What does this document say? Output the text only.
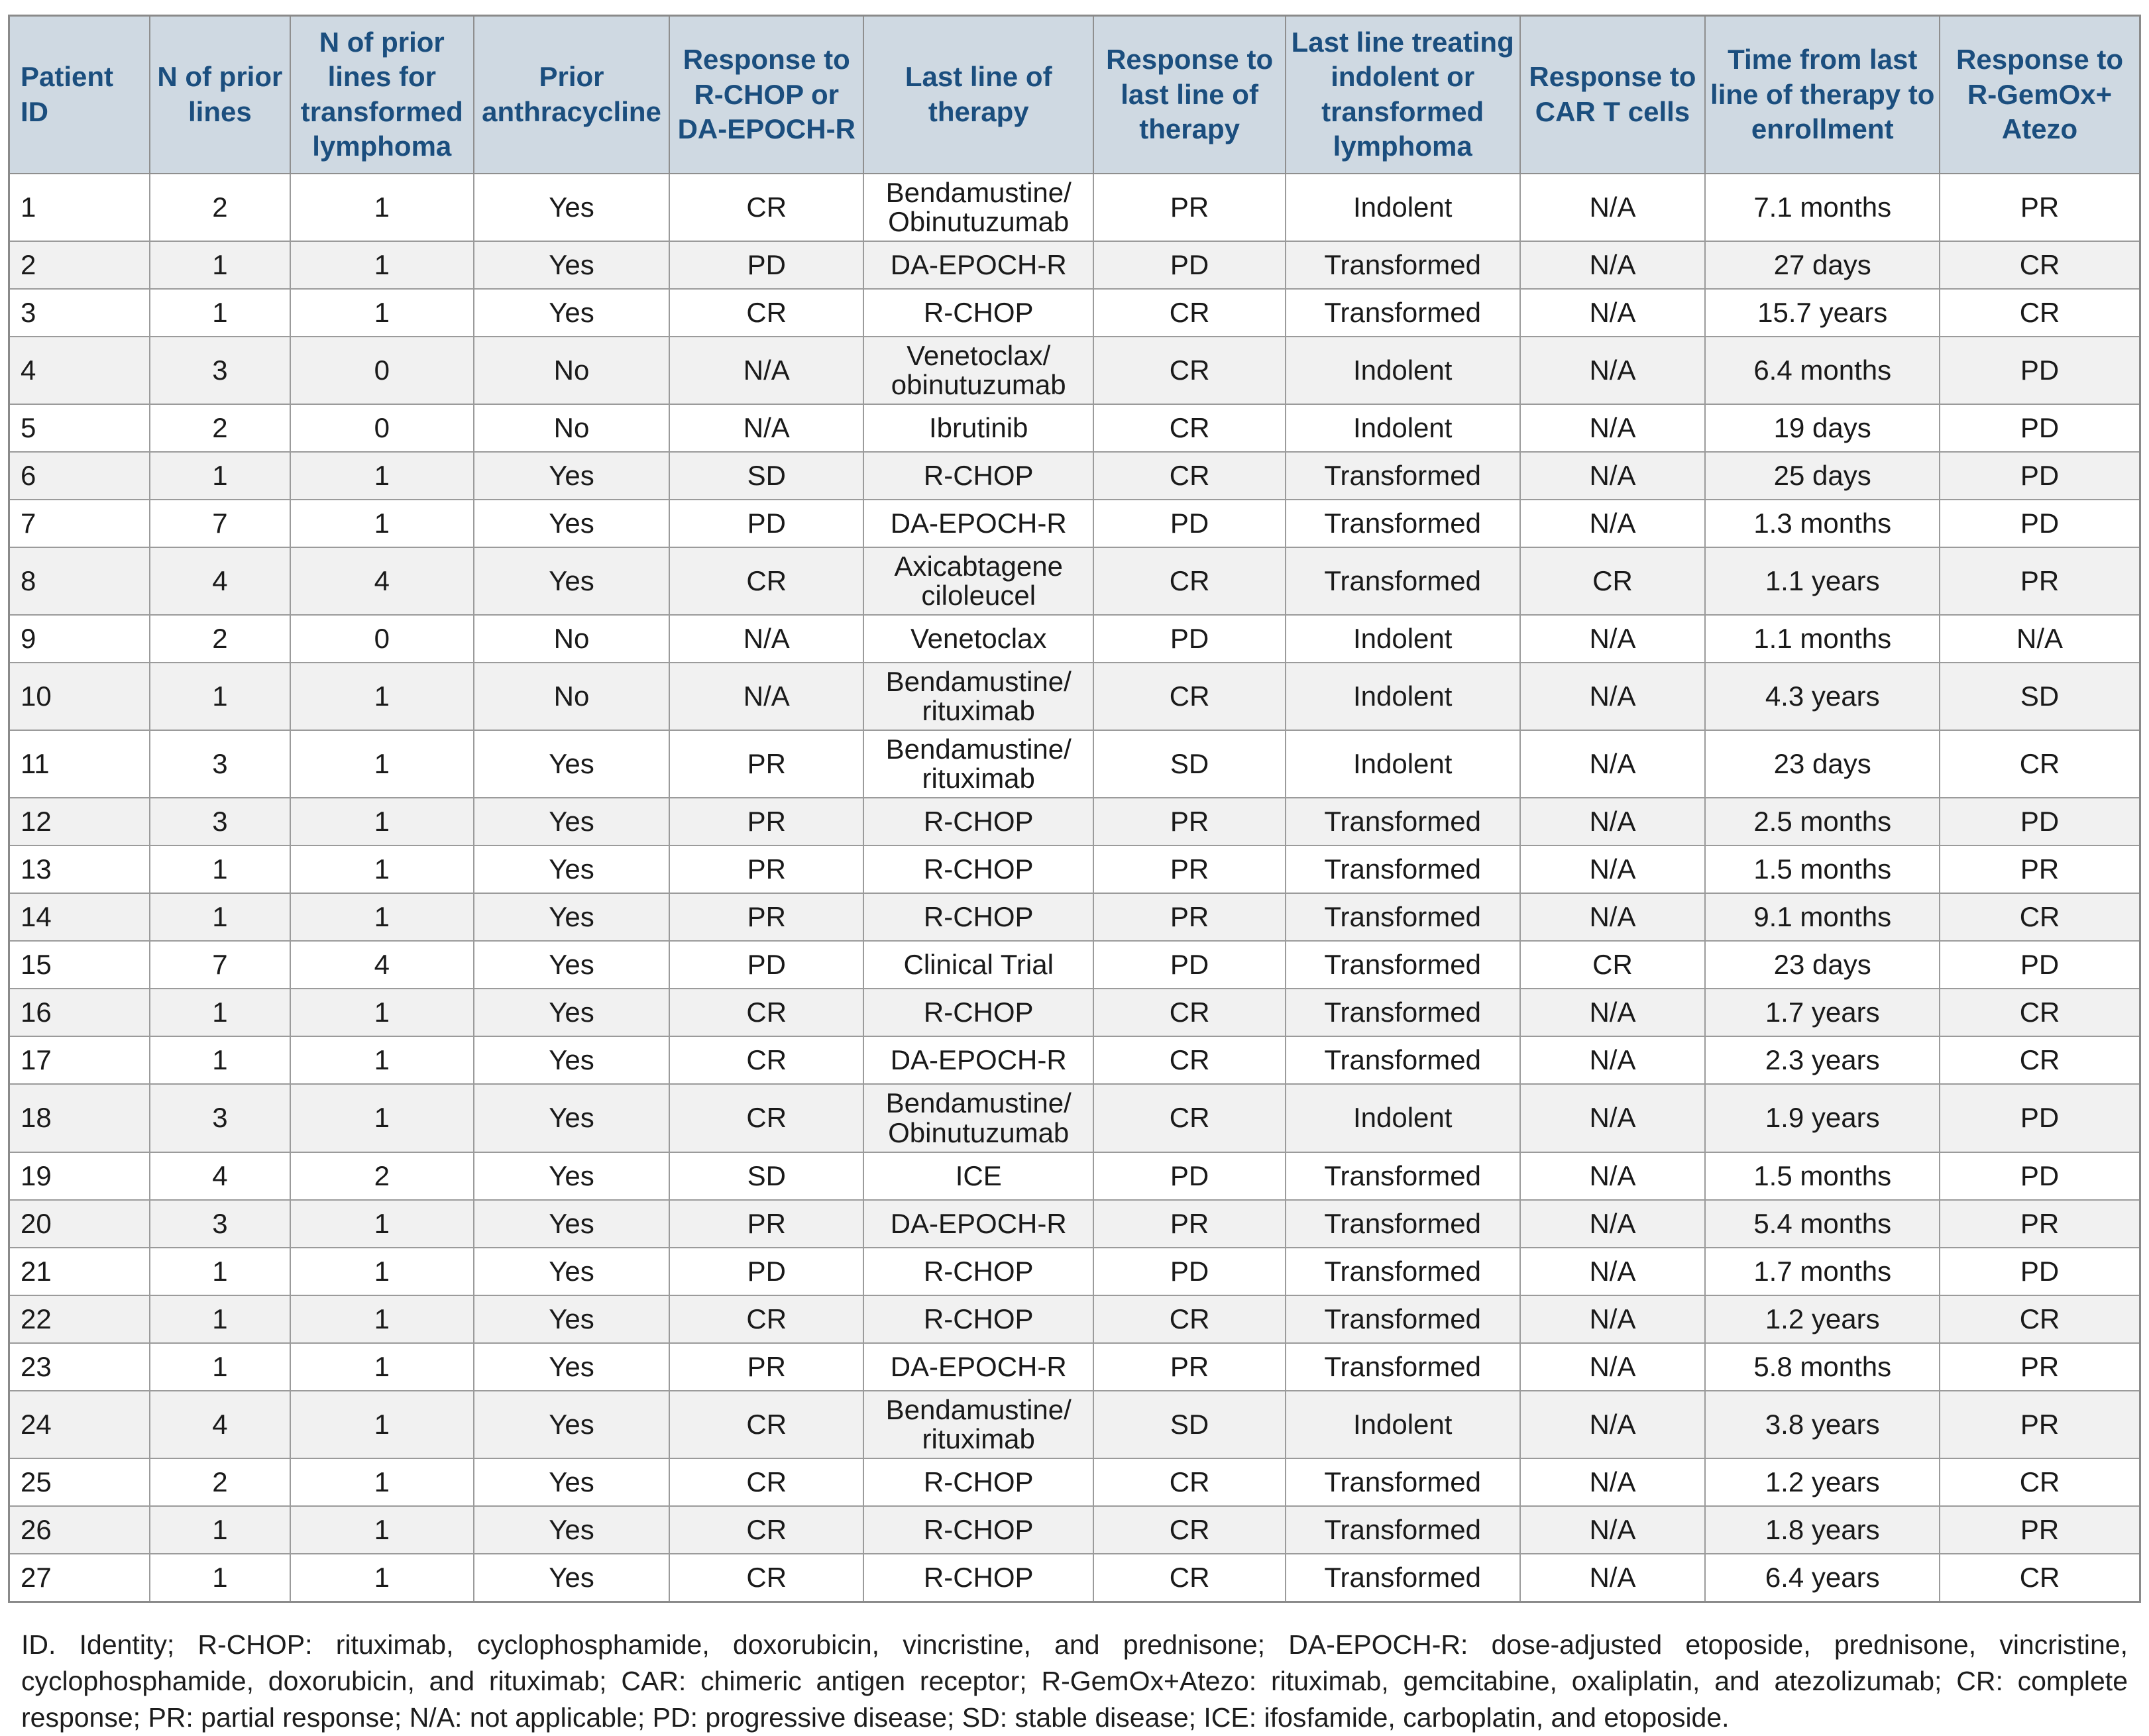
Patient ID	N of prior lines	N of prior lines for transformed lymphoma	Prior anthracycline	Response to R-CHOP or DA-EPOCH-R	Last line of therapy	Response to last line of therapy	Last line treating indolent or transformed lymphoma	Response to CAR T cells	Time from last line of therapy to enrollment	Response to R-GemOx+ Atezo
1	2	1	Yes	CR	Bendamustine/Obinutuzumab	PR	Indolent	N/A	7.1 months	PR
2	1	1	Yes	PD	DA-EPOCH-R	PD	Transformed	N/A	27 days	CR
3	1	1	Yes	CR	R-CHOP	CR	Transformed	N/A	15.7 years	CR
4	3	0	No	N/A	Venetoclax/obinutuzumab	CR	Indolent	N/A	6.4 months	PD
5	2	0	No	N/A	Ibrutinib	CR	Indolent	N/A	19 days	PD
6	1	1	Yes	SD	R-CHOP	CR	Transformed	N/A	25 days	PD
7	7	1	Yes	PD	DA-EPOCH-R	PD	Transformed	N/A	1.3 months	PD
8	4	4	Yes	CR	Axicabtagene ciloleucel	CR	Transformed	CR	1.1 years	PR
9	2	0	No	N/A	Venetoclax	PD	Indolent	N/A	1.1 months	N/A
10	1	1	No	N/A	Bendamustine/rituximab	CR	Indolent	N/A	4.3 years	SD
11	3	1	Yes	PR	Bendamustine/rituximab	SD	Indolent	N/A	23 days	CR
12	3	1	Yes	PR	R-CHOP	PR	Transformed	N/A	2.5 months	PD
13	1	1	Yes	PR	R-CHOP	PR	Transformed	N/A	1.5 months	PR
14	1	1	Yes	PR	R-CHOP	PR	Transformed	N/A	9.1 months	CR
15	7	4	Yes	PD	Clinical Trial	PD	Transformed	CR	23 days	PD
16	1	1	Yes	CR	R-CHOP	CR	Transformed	N/A	1.7 years	CR
17	1	1	Yes	CR	DA-EPOCH-R	CR	Transformed	N/A	2.3 years	CR
18	3	1	Yes	CR	Bendamustine/Obinutuzumab	CR	Indolent	N/A	1.9 years	PD
19	4	2	Yes	SD	ICE	PD	Transformed	N/A	1.5 months	PD
20	3	1	Yes	PR	DA-EPOCH-R	PR	Transformed	N/A	5.4 months	PR
21	1	1	Yes	PD	R-CHOP	PD	Transformed	N/A	1.7 months	PD
22	1	1	Yes	CR	R-CHOP	CR	Transformed	N/A	1.2 years	CR
23	1	1	Yes	PR	DA-EPOCH-R	PR	Transformed	N/A	5.8 months	PR
24	4	1	Yes	CR	Bendamustine/rituximab	SD	Indolent	N/A	3.8 years	PR
25	2	1	Yes	CR	R-CHOP	CR	Transformed	N/A	1.2 years	CR
26	1	1	Yes	CR	R-CHOP	CR	Transformed	N/A	1.8 years	PR
27	1	1	Yes	CR	R-CHOP	CR	Transformed	N/A	6.4 years	CR
ID. Identity; R-CHOP: rituximab, cyclophosphamide, doxorubicin, vincristine, and prednisone; DA-EPOCH-R: dose-adjusted etoposide, prednisone, vincristine, cyclophosphamide, doxorubicin, and rituximab; CAR: chimeric antigen receptor; R-GemOx+Atezo: rituximab, gemcitabine, oxaliplatin, and atezolizumab; CR: complete response; PR: partial response; N/A: not applicable; PD: progressive disease; SD: stable disease; ICE: ifosfamide, carboplatin, and etoposide.
